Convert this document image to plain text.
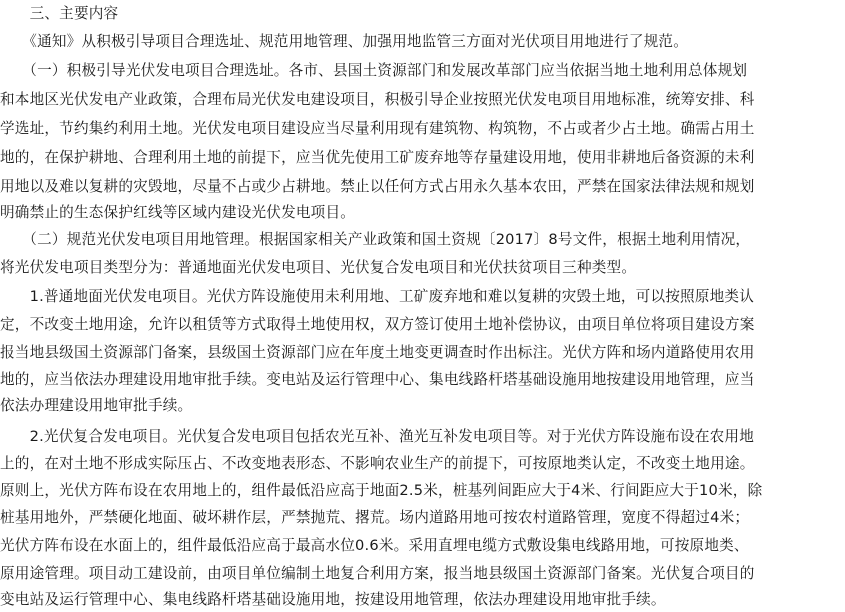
　　三、主要内容
　　《通知》从积极引导项目合理选址、规范用地管理、加强用地监管三方面对光伏项目用地进行了规范。
　　（一）积极引导光伏发电项目合理选址。各市、县国土资源部门和发展改革部门应当依据当地土地利用总体规划
和本地区光伏发电产业政策，合理布局光伏发电建设项目，积极引导企业按照光伏发电项目用地标准，统筹安排、科
学选址，节约集约利用土地。光伏发电项目建设应当尽量利用现有建筑物、构筑物，不占或者少占土地。确需占用土
地的，在保护耕地、合理利用土地的前提下，应当优先使用工矿废弃地等存量建设用地，使用非耕地后备资源的未利
用地以及难以复耕的灾毁地，尽量不占或少占耕地。禁止以任何方式占用永久基本农田，严禁在国家法律法规和规划
明确禁止的生态保护红线等区域内建设光伏发电项目。
　　（二）规范光伏发电项目用地管理。根据国家相关产业政策和国土资规〔2017〕8号文件，根据土地利用情况，
将光伏发电项目类型分为：普通地面光伏发电项目、光伏复合发电项目和光伏扶贫项目三种类型。
　　1.普通地面光伏发电项目。光伏方阵设施使用未利用地、工矿废弃地和难以复耕的灾毁土地，可以按照原地类认
定，不改变土地用途，允许以租赁等方式取得土地使用权，双方签订使用土地补偿协议，由项目单位将项目建设方案
报当地县级国土资源部门备案，县级国土资源部门应在年度土地变更调查时作出标注。光伏方阵和场内道路使用农用
地的，应当依法办理建设用地审批手续。变电站及运行管理中心、集电线路杆塔基础设施用地按建设用地管理，应当
依法办理建设用地审批手续。
　　2.光伏复合发电项目。光伏复合发电项目包括农光互补、渔光互补发电项目等。对于光伏方阵设施布设在农用地
上的，在对土地不形成实际压占、不改变地表形态、不影响农业生产的前提下，可按原地类认定，不改变土地用途。
原则上，光伏方阵布设在农用地上的，组件最低沿应高于地面2.5米，桩基列间距应大于4米、行间距应大于10米，除
桩基用地外，严禁硬化地面、破坏耕作层，严禁抛荒、撂荒。场内道路用地可按农村道路管理，宽度不得超过4米；
光伏方阵布设在水面上的，组件最低沿应高于最高水位0.6米。采用直埋电缆方式敷设集电线路用地，可按原地类、
原用途管理。项目动工建设前，由项目单位编制土地复合利用方案，报当地县级国土资源部门备案。光伏复合项目的
变电站及运行管理中心、集电线路杆塔基础设施用地，按建设用地管理，依法办理建设用地审批手续。
